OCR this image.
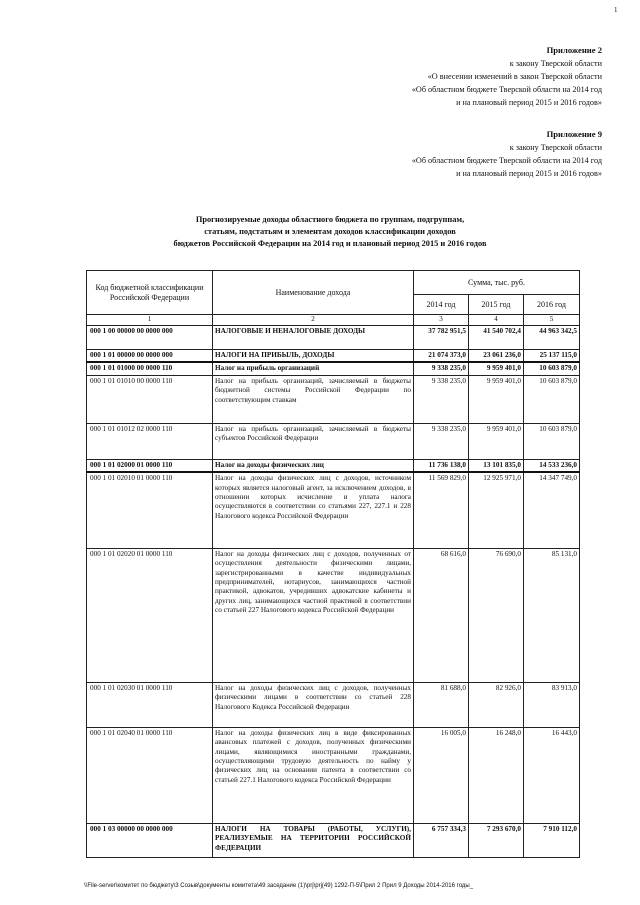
1
Приложение 2
к закону Тверской области
«О внесении изменений в закон Тверской области
«Об областном бюджете Тверской области на 2014 год
и на плановый период 2015 и 2016 годов»
Приложение 9
к закону Тверской области
«Об областном бюджете Тверской области на 2014 год
и на плановый период 2015 и 2016 годов»
Прогнозируемые доходы областного бюджета по группам, подгруппам,
статьям, подстатьям и элементам доходов классификации доходов
бюджетов Российской Федерации на 2014 год и плановый период 2015 и 2016 годов
Код бюджетной классификации Российской Федерации	Наименование дохода	Сумма, тыс. руб.		
		2014 год	2015 год	2016 год
1	2	3	4	5
000 1 00 00000 00 0000 000	НАЛОГОВЫЕ И НЕНАЛОГОВЫЕ ДОХОДЫ	37 782 951,5	41 540 702,4	44 963 342,5
000 1 01 00000 00 0000 000	НАЛОГИ НА ПРИБЫЛЬ, ДОХОДЫ	21 074 373,0	23 061 236,0	25 137 115,0
000 1 01 01000 00 0000 110	Налог на прибыль организаций	9 338 235,0	9 959 401,0	10 603 879,0
000 1 01 01010 00 0000 110	Налог на прибыль организаций, зачисляемый в бюджеты бюджетной системы Российской Федерации по соответствующим ставкам	9 338 235,0	9 959 401,0	10 603 879,0
000 1 01 01012 02 0000 110	Налог на прибыль организаций, зачисляемый в бюджеты субъектов Российской Федерации	9 338 235,0	9 959 401,0	10 603 879,0
000 1 01 02000 01 0000 110	Налог на доходы физических лиц	11 736 138,0	13 101 835,0	14 533 236,0
000 1 01 02010 01 0000 110	Налог на доходы физических лиц с доходов, источником которых является налоговый агент, за исключением доходов, в отношении которых исчисление и уплата налога осуществляются в соответствии со статьями 227, 227.1 и 228 Налогового кодекса Российской Федерации	11 569 829,0	12 925 971,0	14 347 749,0
000 1 01 02020 01 0000 110	Налог на доходы физических лиц с доходов, полученных от осуществления деятельности физическими лицами, зарегистрированными в качестве индивидуальных предпринимателей, нотариусов, занимающихся частной практикой, адвокатов, учредивших адвокатские кабинеты и других лиц, занимающихся частной практикой в соответствии со статьей 227 Налогового кодекса Российской Федерации	68 616,0	76 690,0	85 131,0
000 1 01 02030 01 0000 110	Налог на доходы физических лиц с доходов, полученных физическими лицами в соответствии со статьей 228 Налогового Кодекса Российской Федерации	81 688,0	82 926,0	83 913,0
000 1 01 02040 01 0000 110	Налог на доходы физических лиц в виде фиксированных авансовых платежей с доходов, полученных физическими лицами, являющимися иностранными гражданами, осуществляющими трудовую деятельность по найму у физических лиц на основании патента в соответствии со статьей 227.1 Налогового кодекса Российской Федерации	16 005,0	16 248,0	16 443,0
000 1 03 00000 00 0000 000	НАЛОГИ НА ТОВАРЫ (РАБОТЫ, УСЛУГИ), РЕАЛИЗУЕМЫЕ НА ТЕРРИТОРИИ РОССИЙСКОЙ ФЕДЕРАЦИИ	6 757 334,3	7 293 670,0	7 910 112,0
\\File-server\комитет по бюджету\3 Созыв\документы комитета\49 заседание (1)\prj\prj(49) 1292-П-5\Прил 2 Прил 9 Доходы 2014-2016 годы_
